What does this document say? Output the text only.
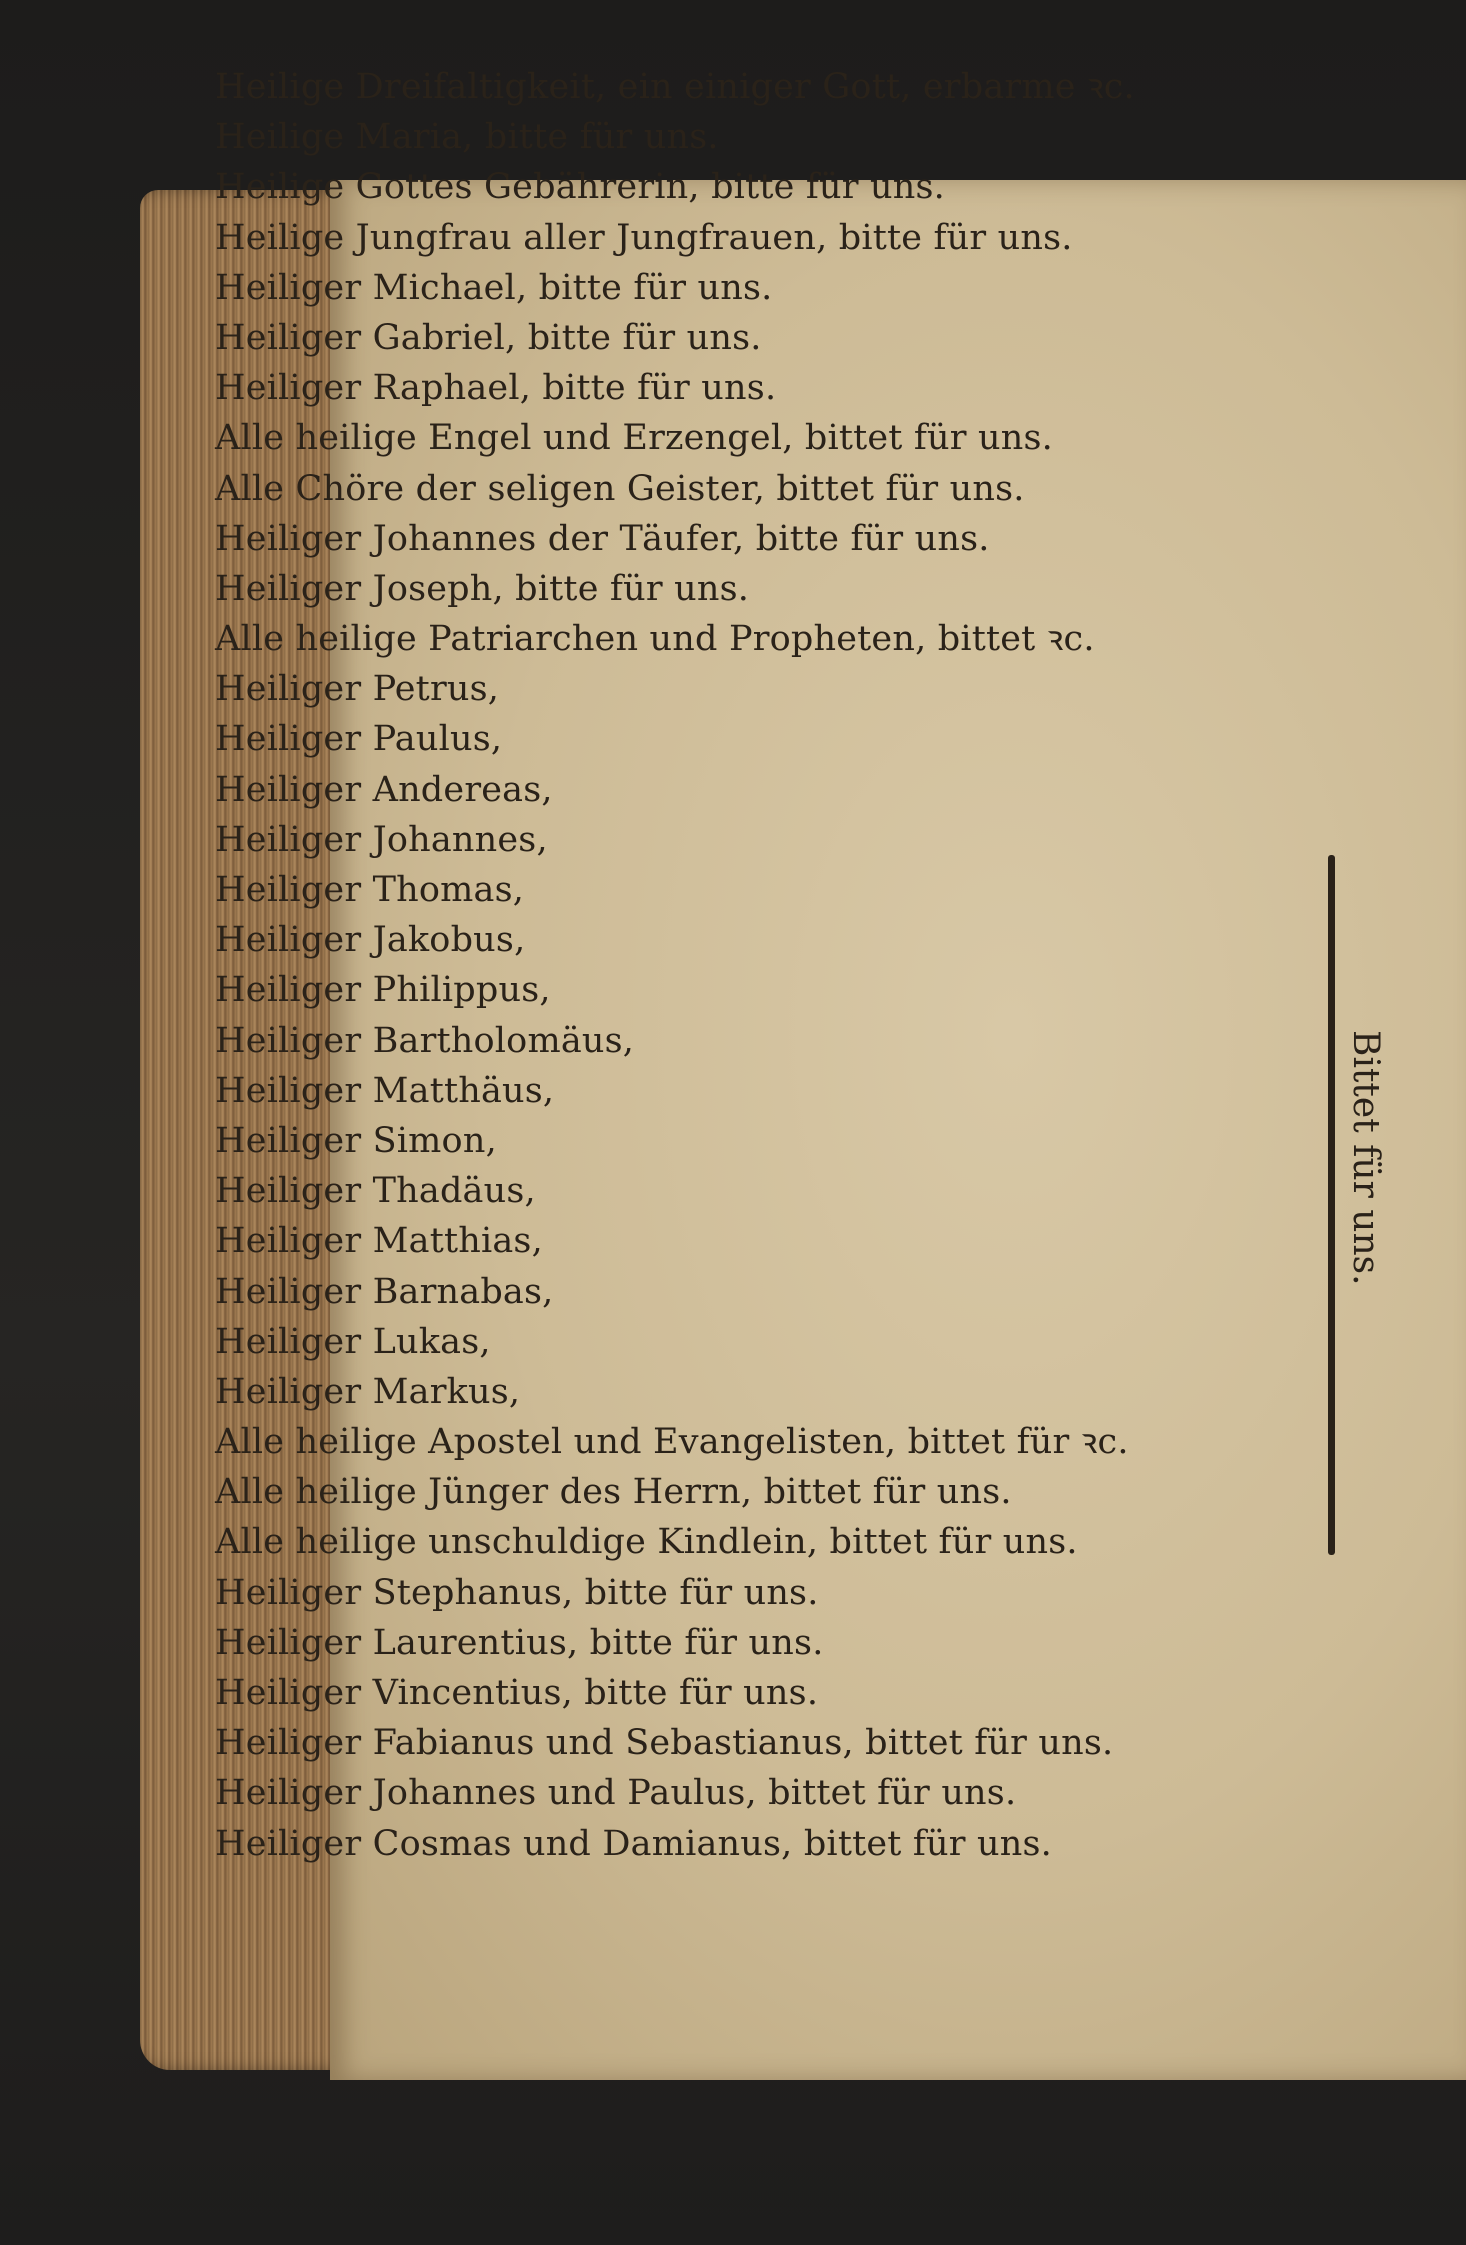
Heilige Dreifaltigkeit, ein einiger Gott, erbarme ꝛc.
Heilige Maria, bitte für uns.
Heilige Gottes Gebährerin, bitte für uns.
Heilige Jungfrau aller Jungfrauen, bitte für uns.
Heiliger Michael, bitte für uns.
Heiliger Gabriel, bitte für uns.
Heiliger Raphael, bitte für uns.
Alle heilige Engel und Erzengel, bittet für uns.
Alle Chöre der seligen Geister, bittet für uns.
Heiliger Johannes der Täufer, bitte für uns.
Heiliger Joseph, bitte für uns.
Alle heilige Patriarchen und Propheten, bittet ꝛc.
Heiliger Petrus,
Heiliger Paulus,
Heiliger Andereas,
Heiliger Johannes,
Heiliger Thomas,
Heiliger Jakobus,
Heiliger Philippus,
Heiliger Bartholomäus,
Heiliger Matthäus,
Heiliger Simon,
Heiliger Thadäus,
Heiliger Matthias,
Heiliger Barnabas,
Heiliger Lukas,
Heiliger Markus,
Alle heilige Apostel und Evangelisten, bittet für ꝛc.
Alle heilige Jünger des Herrn, bittet für uns.
Alle heilige unschuldige Kindlein, bittet für uns.
Heiliger Stephanus, bitte für uns.
Heiliger Laurentius, bitte für uns.
Heiliger Vincentius, bitte für uns.
Heiliger Fabianus und Sebastianus, bittet für uns.
Heiliger Johannes und Paulus, bittet für uns.
Heiliger Cosmas und Damianus, bittet für uns.
Bittet für uns.
